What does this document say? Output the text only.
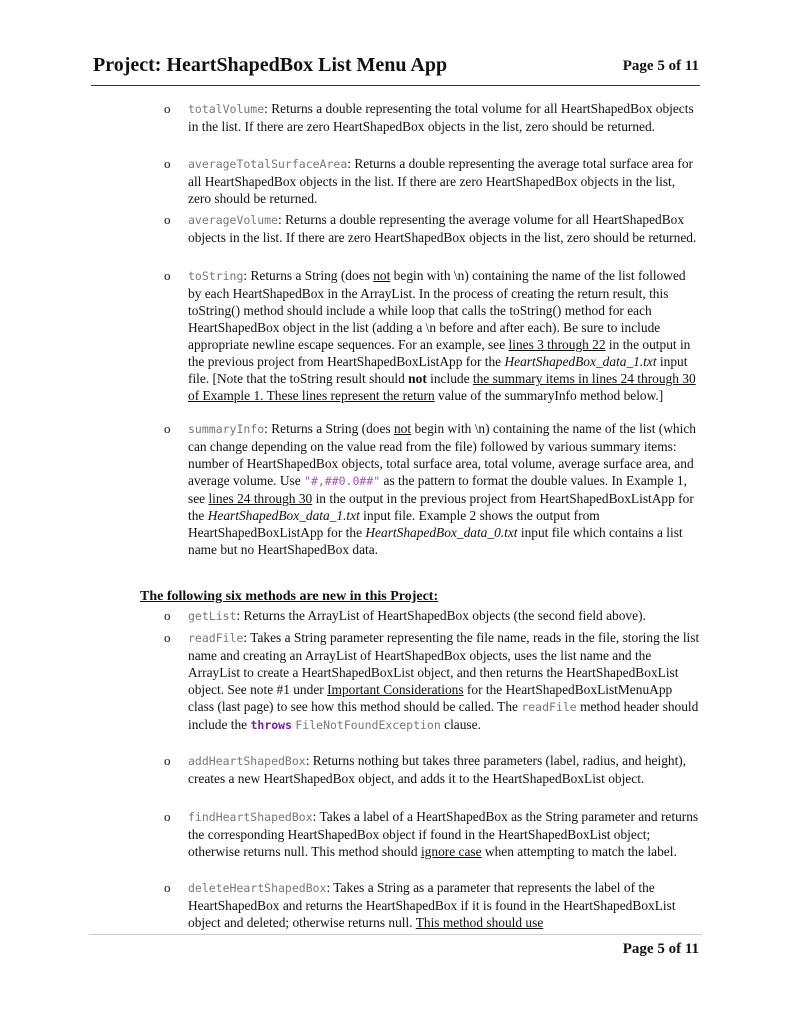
Project: HeartShapedBox List Menu App	Page 5 of 11
o totalVolume: Returns a double representing the total volume for all HeartShapedBox objects in the list. If there are zero HeartShapedBox objects in the list, zero should be returned.
o averageTotalSurfaceArea: Returns a double representing the average total surface area for all HeartShapedBox objects in the list. If there are zero HeartShapedBox objects in the list, zero should be returned.
o averageVolume: Returns a double representing the average volume for all HeartShapedBox objects in the list. If there are zero HeartShapedBox objects in the list, zero should be returned.
o toString: Returns a String (does not begin with \n) containing the name of the list followed by each HeartShapedBox in the ArrayList. In the process of creating the return result, this toString() method should include a while loop that calls the toString() method for each HeartShapedBox object in the list (adding a \n before and after each). Be sure to include appropriate newline escape sequences. For an example, see lines 3 through 22 in the output in the previous project from HeartShapedBoxListApp for the HeartShapedBox_data_1.txt input file. [Note that the toString result should not include the summary items in lines 24 through 30 of Example 1. These lines represent the return value of the summaryInfo method below.]
o summaryInfo: Returns a String (does not begin with \n) containing the name of the list (which can change depending on the value read from the file) followed by various summary items: number of HeartShapedBox objects, total surface area, total volume, average surface area, and average volume. Use "#,##0.0##" as the pattern to format the double values. In Example 1, see lines 24 through 30 in the output in the previous project from HeartShapedBoxListApp for the HeartShapedBox_data_1.txt input file. Example 2 shows the output from HeartShapedBoxListApp for the HeartShapedBox_data_0.txt input file which contains a list name but no HeartShapedBox data.
The following six methods are new in this Project:
o getList: Returns the ArrayList of HeartShapedBox objects (the second field above).
o readFile: Takes a String parameter representing the file name, reads in the file, storing the list name and creating an ArrayList of HeartShapedBox objects, uses the list name and the ArrayList to create a HeartShapedBoxList object, and then returns the HeartShapedBoxList object. See note #1 under Important Considerations for the HeartShapedBoxListMenuApp class (last page) to see how this method should be called. The readFile method header should include the throws FileNotFoundException clause.
o addHeartShapedBox: Returns nothing but takes three parameters (label, radius, and height), creates a new HeartShapedBox object, and adds it to the HeartShapedBoxList object.
o findHeartShapedBox: Takes a label of a HeartShapedBox as the String parameter and returns the corresponding HeartShapedBox object if found in the HeartShapedBoxList object; otherwise returns null. This method should ignore case when attempting to match the label.
o deleteHeartShapedBox: Takes a String as a parameter that represents the label of the HeartShapedBox and returns the HeartShapedBox if it is found in the HeartShapedBoxList object and deleted; otherwise returns null. This method should use
Page 5 of 11
